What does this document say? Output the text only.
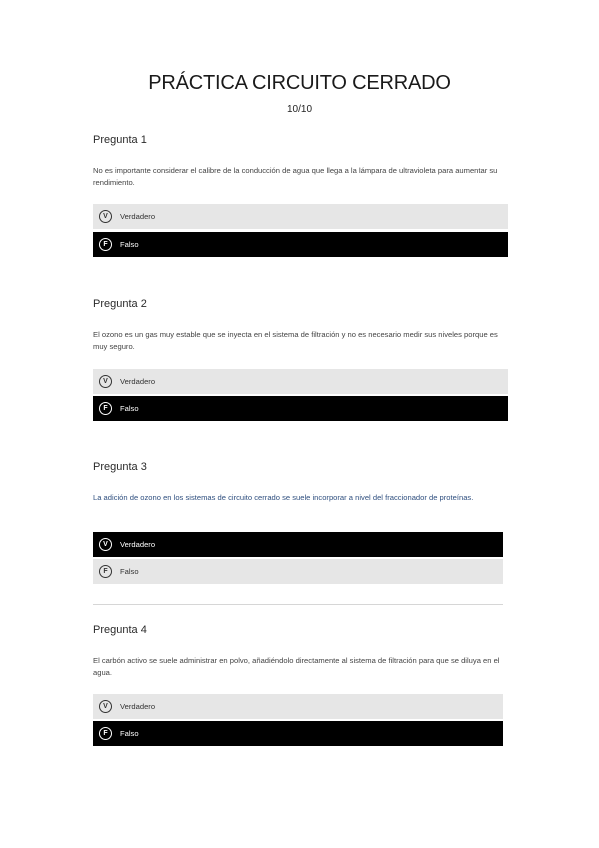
PRÁCTICA CIRCUITO CERRADO
10/10
Pregunta 1
No es importante considerar el calibre de la conducción de agua que llega a la lámpara de ultravioleta para aumentar su rendimiento.
V	Verdadero
F	Falso
Pregunta 2
El ozono es un gas muy estable que se inyecta en el sistema de filtración y no es necesario medir sus niveles porque es muy seguro.
V	Verdadero
F	Falso
Pregunta 3
La adición de ozono en los sistemas de circuito cerrado se suele incorporar a nivel del fraccionador de proteínas.
V	Verdadero
F	Falso
Pregunta 4
El carbón activo se suele administrar en polvo, añadiéndolo directamente al sistema de filtración para que se diluya en el agua.
V	Verdadero
F	Falso
